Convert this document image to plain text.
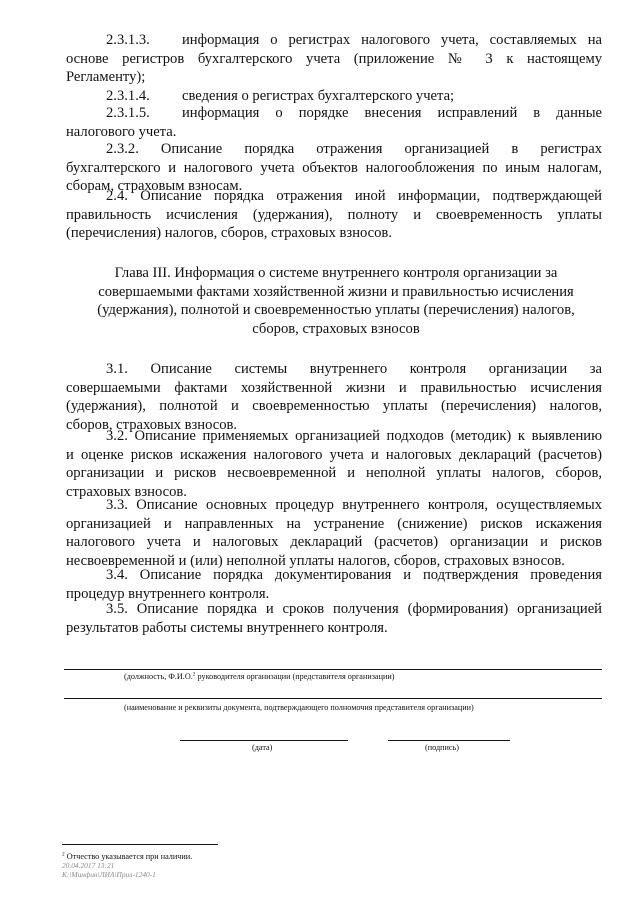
2.3.1.3.	информация о регистрах налогового учета, составляемых на
основе регистров бухгалтерского учета (приложение № 3 к настоящему
Регламенту);
2.3.1.4.	сведения о регистрах бухгалтерского учета;
2.3.1.5.	информация о порядке внесения исправлений в данные
налогового учета.
2.3.2. Описание порядка отражения организацией в регистрах
бухгалтерского и налогового учета объектов налогообложения по иным налогам,
сборам, страховым взносам.
2.4. Описание порядка отражения иной информации, подтверждающей
правильность исчисления (удержания), полноту и своевременность уплаты
(перечисления) налогов, сборов, страховых взносов.
Глава III. Информация о системе внутреннего контроля организации за
совершаемыми фактами хозяйственной жизни и правильностью исчисления
(удержания), полнотой и своевременностью уплаты (перечисления) налогов,
сборов, страховых взносов
3.1. Описание системы внутреннего контроля организации за
совершаемыми фактами хозяйственной жизни и правильностью исчисления
(удержания), полнотой и своевременностью уплаты (перечисления) налогов,
сборов, страховых взносов.
3.2. Описание применяемых организацией подходов (методик) к выявлению
и оценке рисков искажения налогового учета и налоговых деклараций (расчетов)
организации и рисков несвоевременной и неполной уплаты налогов, сборов,
страховых взносов.
3.3. Описание основных процедур внутреннего контроля, осуществляемых
организацией и направленных на устранение (снижение) рисков искажения
налогового учета и налоговых деклараций (расчетов) организации и рисков
несвоевременной и (или) неполной уплаты налогов, сборов, страховых взносов.
3.4. Описание порядка документирования и подтверждения проведения
процедур внутреннего контроля.
3.5. Описание порядка и сроков получения (формирования) организацией
результатов работы системы внутреннего контроля.
(должность, Ф.И.О.$^2$ руководителя организации (представителя организации)
(наименование и реквизиты документа, подтверждающего полномочия представителя организации)
(дата)	(подпись)
$^2$ Отчество указывается при наличии.
20.04.2017 13:21
К:\Минфин\ЛИА\Прил-1240-1
